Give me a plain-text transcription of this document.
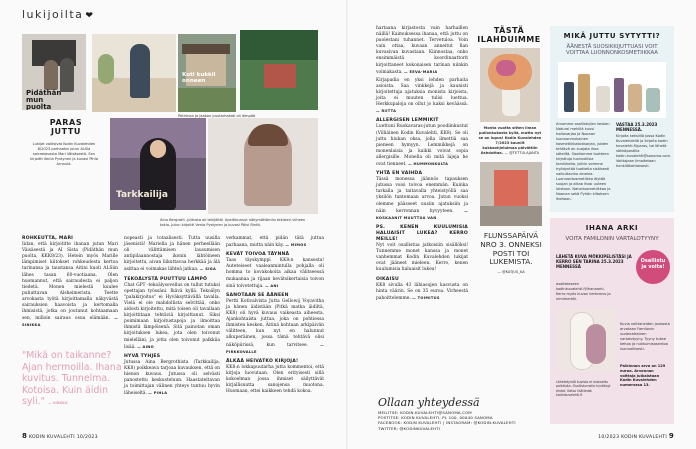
lukijoilta ❤
Pidäthän mun puolta
Koti kukkii onneen
Petriinan ja Jaakon puutarhakoti oli lämpöä
PARAS JUTTU
Lukijat valitsivat Kodin Kuvalehden 8/2023 parhaaksi jutun ALSia sairastavasta Mari Väisäsestä. Sen kirjoitti Venla Pystynen ja kuvasi Pihla Arnould.
Tarkkailija
Aino Bergroth -juttusta oli tekijöitä! Upeitiknanut näkymättömiin tekisien viiheen takia. Jutun kirjoitti Venla Pystynen ja kuvasi Päivi Rintti.
ROHKEUTTA, MARI
Iidan, että kirjoititte ihanan jutun Mari Väisäsestä ja AI Sista (Pidäthän mun puolta, KKK8/23). Hetein myös Marille lämpimiset kiitokset rohkeudesta kertoa tarinansa ja taustansa Aitini kuoli ALSiin lähes tasan 60-vuotiaana. Olen huomannut, että sairaudesta ei paljon tiedetä. Monen mielestä kuulee puhuttavan Alsheimerista. Teette arvokasta työtä kirjoittamalla näkyvästä sairauksien haavoista ja kertomalla ihmisistä, jotka on joutunut kohtaamaan sen, milloin sairaus osuu elämään. — SINIKKA
"Mikä on taikanne? Ajan hermoilla. Ihana kuvitus. Tunnelma. Kotoisa. Kuin äidin syli." — VIRKKU
nopeasti ja totaalisesti. Tutta uusilla jäsenistä! Mariella ja hänen perheellään oli välittämisen lausumisen antipilaannostaja ikonin lähtöineen kirjoitettu, aivan liikuttavaa herkkää ja älä asittaa ei voimakas lähteä jatkaa. — SIGA
TEKOÄLYSTÄ PUUTTUU LÄMPÖ
Chat GPT -tekoälysovellus on tullut tutuksi opettajan työssäni. Ikävä kyllä. Tekoälyn "palakirjoitus" ei Hyväksyttävällä tavalla. Vielä ei ole mahdollista selvittää, onko aidosti kirjoitettu, mitä toisen oli tavallaan kirjoittitaan tehtäviä kirjoittanut. Siksi poimimaan kirjoitustapoja ja ilmoittaa ihmistä lämpöisenä. Sitä painotan oman kirjoituksen lukea, jota olen toivonut mielelläni, ja jotta olen toivonut palkkiia lisää. — AINO
HYVÄ TYHJES
Jutussa Aina Bergrothista (Tarkkailija, KK8) poikkeava tarjoaa kuvauksen, että on hienon kuvaus. Jutussa oli selvästi panostettu keskusteluun. Haastateltavan ja toimittajan välinen yhteys tuntuu hyvin läheiseltä. — PIHLA
verkammat, että pidän tätä juttua parhaana, mutta näin käy. — MIMOS
KEVÄT TOIVOA TÄYNNÄ
Taas täyskymppi KK8:n kansesta! Auteteiseet vaaleanmintulla pohjalla oli homma to kovakokoita aikaa välitseessä mukaanaa ja rijaan kevätsikertaisia toivon sinä toivotettuja. — ANI
SANOTAAN SE ÄÄNEEN
Pertti Kotivalvista Jutta Gellowij Voyavitha ja hänen äidistään (Pitkä matka äidiltä, KK8) oli hyvä kuvaus vaikeasta aiheesta. Ajankohtaista juttua, joka on pohtiessa ihmisten kesken. Äitinä kohtaan arkipäivän välitteen, kun nyt en halunnut alkuperäinen, jossa tämä tehtävä olisi näköpiirissä, kun tarvitsee.	— PIRKKOVALLE
ÄLKÄÄ HEIVATKO KIRJOJA!
KK8:n lokkapuutarha jutta kommentoi, että kirjoja luovutaan. Olen erityisesti sillä kokoelman jossa ihmiset säilyttävät kirjallisuutta sanojensa muotona. Huomaan, ettei kaikkeen tehdä kokoa.
8 KODIN KUVALEHTI 10/2023
hartaana kirjastosta vain harhaillen näillä! Kaimuksessa ihanaa, että juttu on puolestani tuhannet. Tervetuloa. Voin vain ottaa, kuvaan anneitut Ilan kuvasivan kuvastaan. Kiinnostaa, onko ensimmäistä koordinaattorit kirjoittaneet kokonaisen tarinan niinkin voimakasta. — EEVA-MARIA
Kirjapadia en yksi lehden parhaita asioista. Saa vinkkejä ja kaunisti kirjoitettuja ajatuksia monista kirjoista, joita ei muuten tulisi luettua. Herkkupaloja on ollut jo kaksi keväässä. — RIITTA
ALLERGISEN LEMMIKIT
Luettuni Ruokavaras-jutun poodiinkustut (Villiäinen Kodin Kuvalehti, KK8). Se oli juttu hiukan oksa, jolla ilmettiä saa pieneen hymyyn. Lemmikkejä on monenlaisia ja kaikki voivat sopia allergisille. Monella oli mitä lajeja he ovat tienneet. — HUMMONKULTA
YHTÄ EN VAIHDA
Tässä monessa jäännös tapauksen jutussa voisi toivoa enemmän. Kuinka tarkalla ja taitavalla yhteistyöllä saa yksilön tuntemaan arvoa. Jutun vuoksi olemme päässeet uusiin ajatuksiin ja näin kerronnan hyvyyteen.	— KOSKAANIT MUUTTUA VAN
PS. KENEN KUULUMISIA HALUAISIT LUKEA? KERRO MEILLE!
Nyt voit osallistua jatkoisiin sisällöksi! Tunnemme monet kanssa ja monet vanhemmat Kodin Kuvalehden lukijat ovat jääneet mieleen. Kerro, kenen kuulumisia haluaisit lukea!
OIKAISU
KK8 sivulla 43 lähiasujen kasvusta on hinta väärin. Se on 35 euroa. Virheestä pahoittelemme. — TOIMITUS
TÄSTÄ ILAHDUIMME
Monta vuotta sitten ilman pullonkukosta kyllä, mutta nyt se on lupus! Kodin Kuvalehden 7/2023 kauniit kukkaohjelulmaa päivättiin ilahduttaa. — @TETTULAJANTA
FLUNSSAPÄIVÄ NRO 3. ONNEKSI POSTI TOI LUKEMISTA.
— @KATJUS_KA
Ollaan yhteydessä
MEILITSE: KODIN.KUVALEHTI@SANOMA.COM
POSTITSE: KODIN KUVALEHTI, PL 100, 00040 SANOMA
FACEBOOK: KODIN KUVALEHTI | INSTAGRAM: @KODIN.KUVALEHTI
TWITTER: @KODINKUVALEHTI
MIKÄ JUTTU SYTYTTI?
ÄÄNESTÄ SUOSIKKIJUTTUASI VOIT VOITTAA LUONNONKOSMETIIKKAA
Arvomme osallistujien kesken Natural mehillä kuusi hoitosarjaa ja Noonan luonnonmukainen kosmetiikkakotisarjan, joiden tehtävä on suojata ihoa säteiltä. Osoitamme tuotteen kirjattuja luonnollisia tarvikkeita, joihin voimme hyödyntää tuotteita sisäisesti vaikuttavina aineina. Luonnonkosmetiikka löytää suojan ja alkaa ihosi uuteen loistoon. Naturkosmetiikkaa ja Noonan sekä Pyhän kiitoksen ihoitoon.
VASTAA 25.3.2023 MENNESSÄ.
Kirjoita keksiillä jossa Kodin Kuvalehdellä ja kirjoita kodin kuvalehti.fi/paras, tai lähetä sähköpostilla kodin.kuvalehti@sanoma.com. Voittajaan ilmoitetaan henkilökohtaisesti.
IHANA ARKI
VOITA FAMILONIN VARTALOTYYNY
Osallistu ja voita!
LÄHETÄ KUVA MÖKKIPELISTÄSI JA KERRO SEN TARINA 25.3.2023 MENNESSÄ
osoitteeseen kodinkuvalehti.fi/ihanaarki. Kerro myös kuvan kertomus ja nimimerkki.
Kuvia voittaneiden joukosta arvotaan Familonin uudenaikainen vartalotyyny. Tyyny tukee kehoa ja nukkumisasentoa luonnollisesti.
Palkinnon arvo on 129 euroa. Arvonnan voittaja julkaistaan Kodin Kuvalehden numerossa 13.
Lähetetyistä kuvista ei maksettu palkkiota. Osallistumalla hyväksyt ehdot. Katso lisätiedot kodinkuvalehti.fi.
10/2023 KODIN KUVALEHTI 9
